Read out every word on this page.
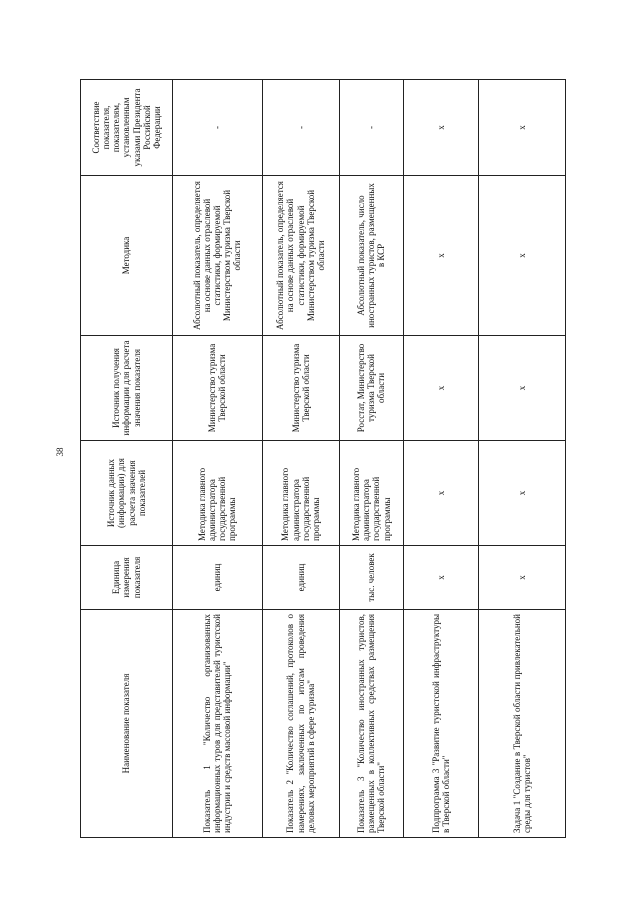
38
Наименование показателя	Единица измерения показателя	Источник данных (информации) для расчета значения показателей	Источник получения информации для расчета значения показателя	Методика	Соответствие показателя, показателям, установленным указами Президента Российской Федерации
Показатель 1 "Количество организованных информационных туров для представителей туристской индустрии и средств массовой информации"	единиц	Методика главного администратора государственной программы	Министерство туризма Тверской области	Абсолютный показатель, определяется на основе данных отраслевой статистики, формируемой Министерством туризма Тверской области	-
Показатель 2 "Количество соглашений, протоколов о намерениях, заключенных по итогам проведения деловых мероприятий в сфере туризма"	единиц	Методика главного администратора государственной программы	Министерство туризма Тверской области	Абсолютный показатель, определяется на основе данных отраслевой статистики, формируемой Министерством туризма Тверской области	-
Показатель 3 "Количество иностранных туристов, размещенных в коллективных средствах размещения Тверской области"	тыс. человек	Методика главного администратора государственной программы	Росстат, Министерство туризма Тверской области	Абсолютный показатель, число иностранных туристов, размещенных в КСР	-
Подпрограмма 3 "Развитие туристской инфраструктуры в Тверской области"	x	x	x	x	x
Задача 1 "Создание в Тверской области привлекательной среды для туристов"	x	x	x	x	x
